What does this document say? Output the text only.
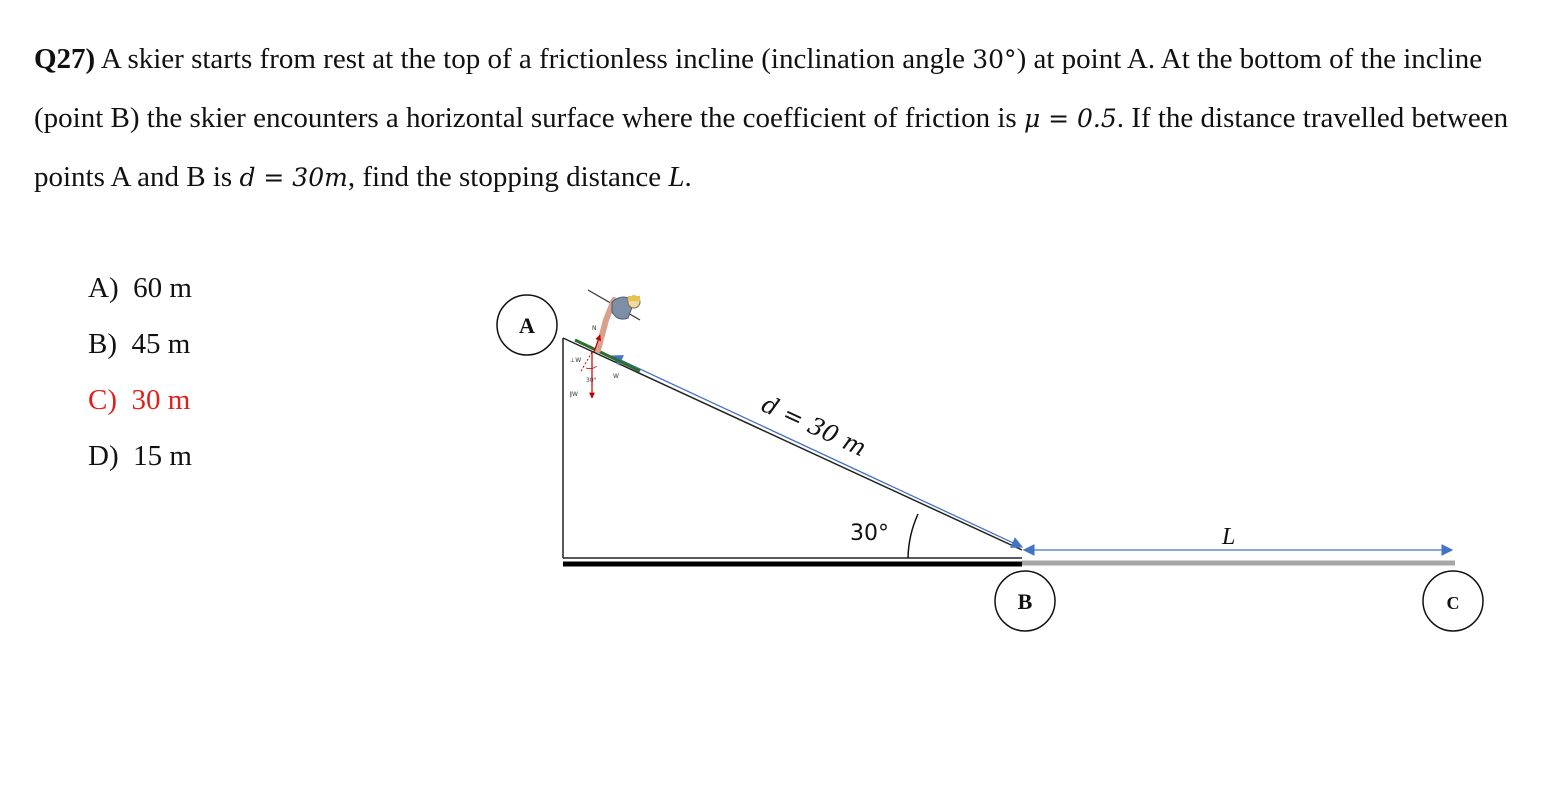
Q27) A skier starts from rest at the top of a frictionless incline (inclination angle 30°) at point A. At the bottom of the incline (point B) the skier encounters a horizontal surface where the coefficient of friction is μ = 0.5. If the distance travelled between points A and B is d = 30m, find the stopping distance L.

A) 60 m
B) 45 m
C) 30 m
D) 15 m	d = 30 m
30°	L
A
B	C
N
W
⊥W
∥W
30°
